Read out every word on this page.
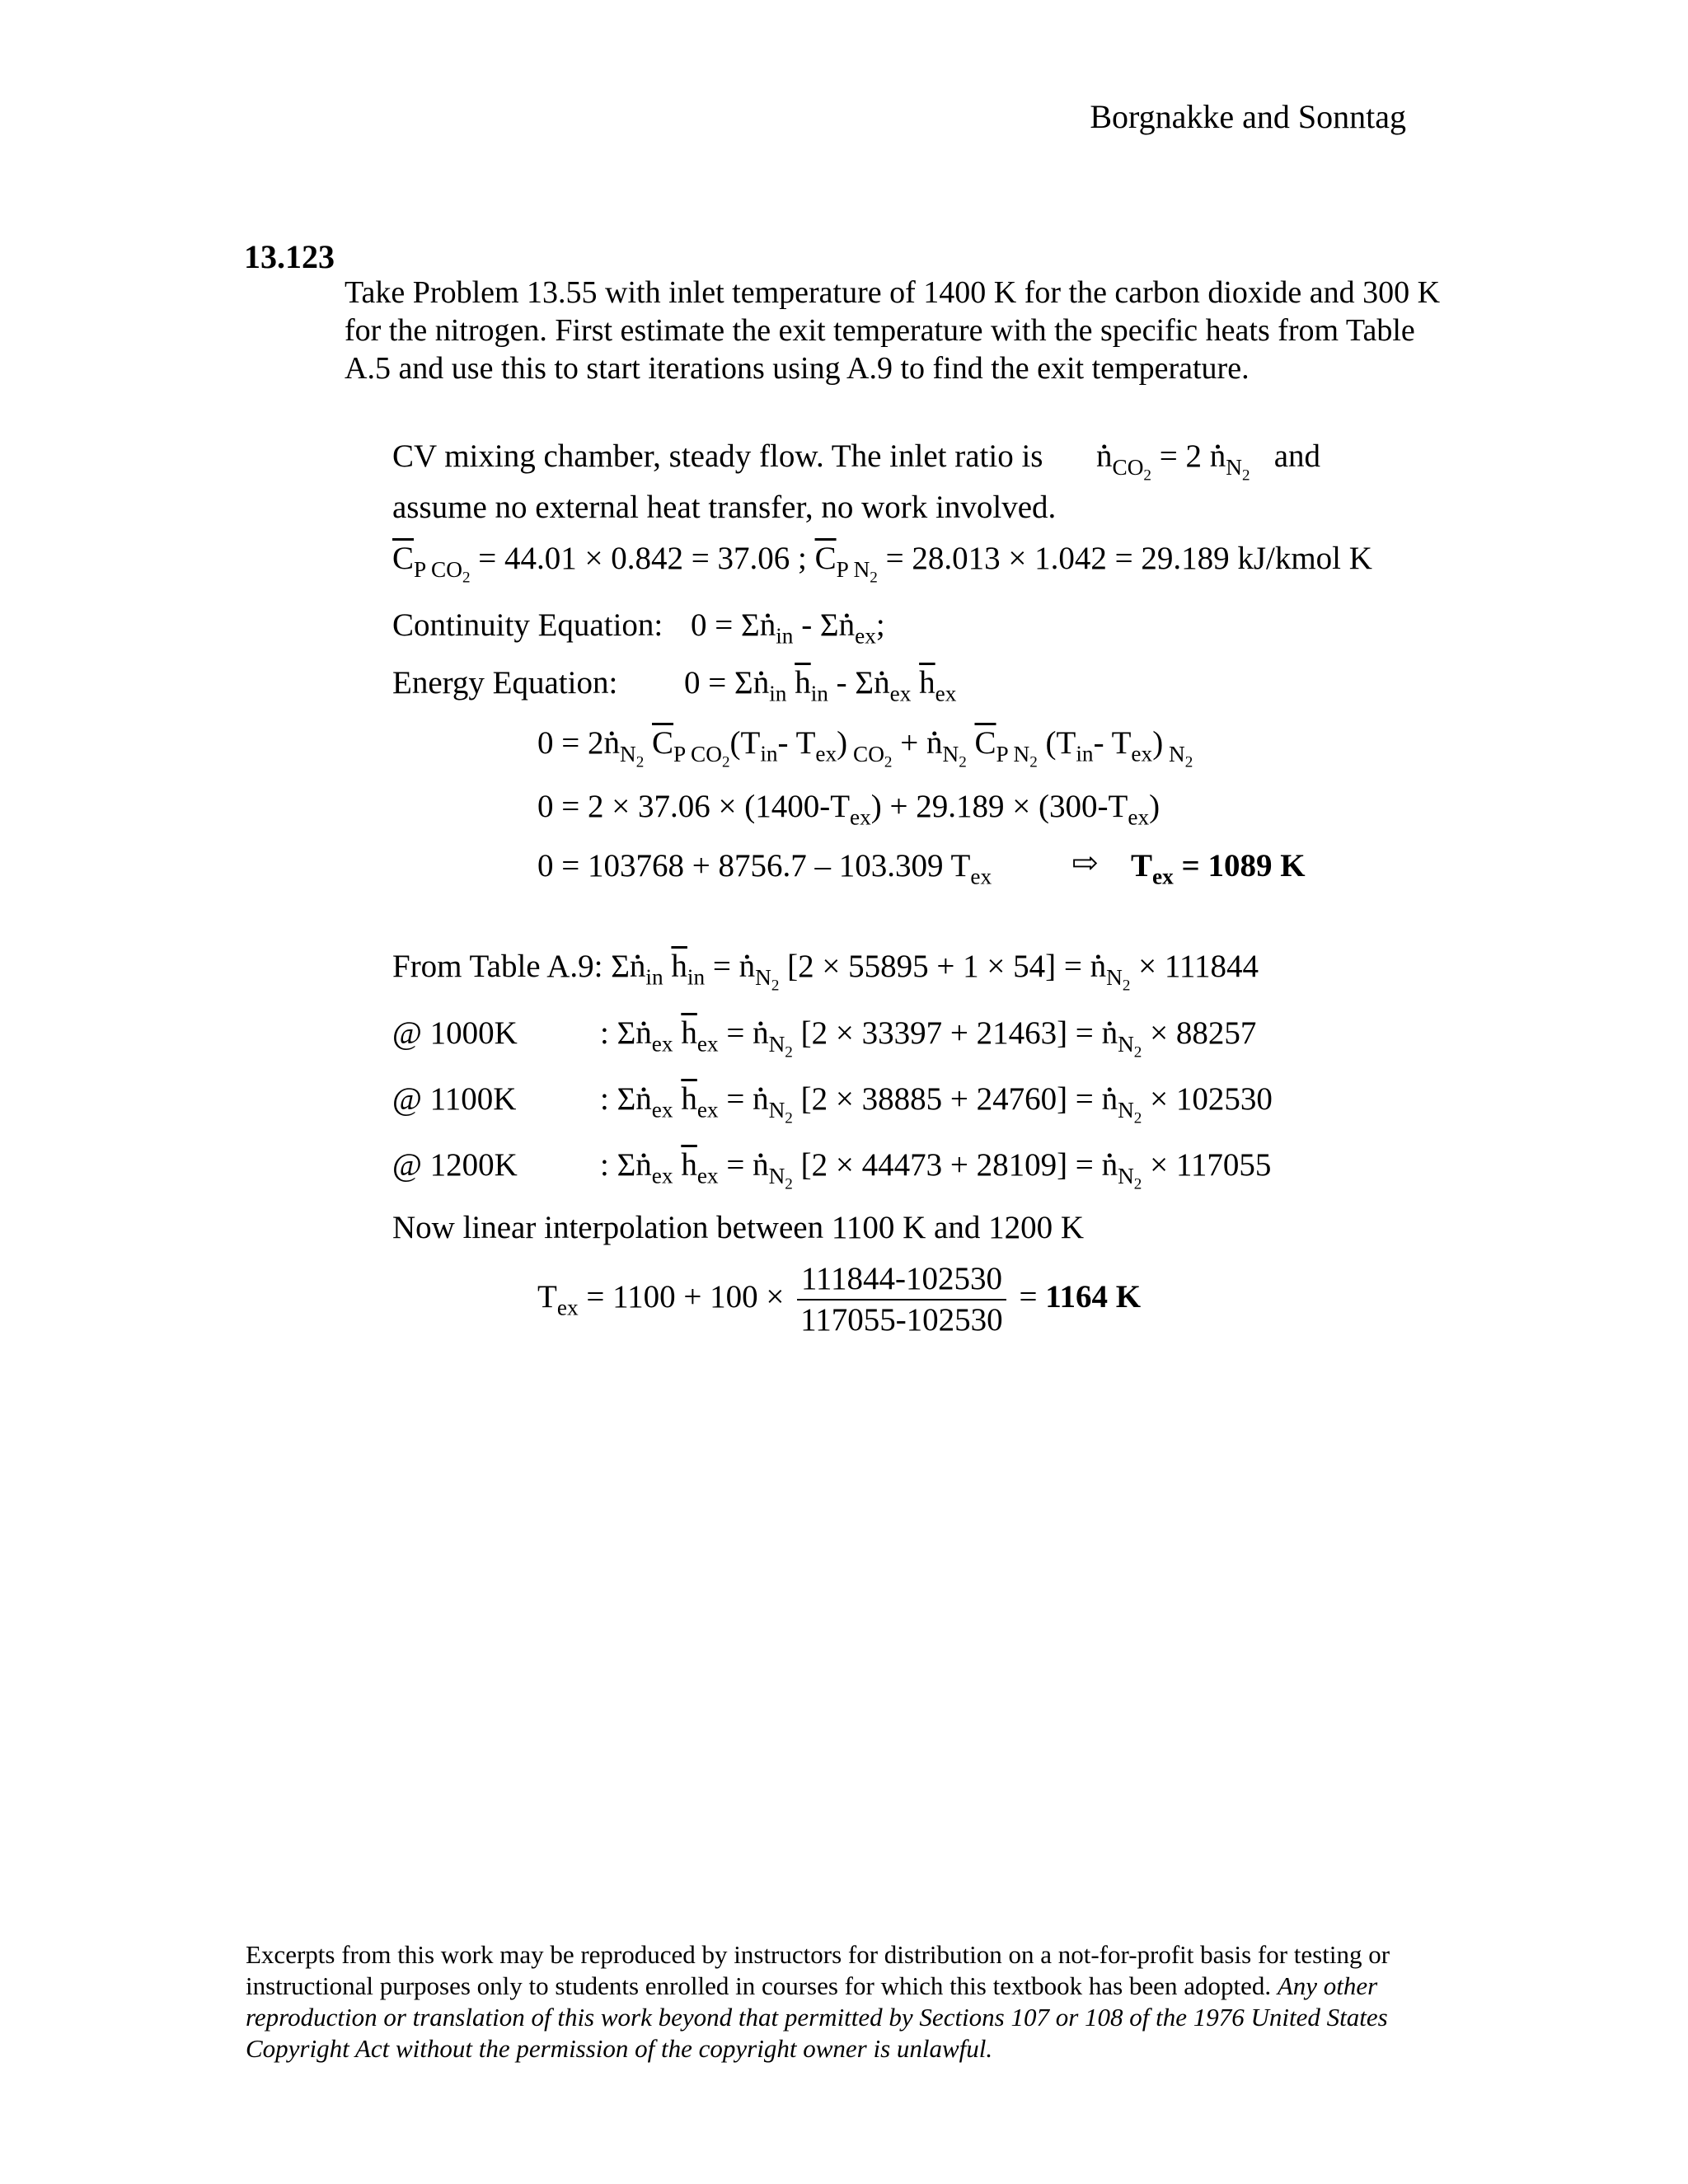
Borgnakke and Sonntag
13.123
Take Problem 13.55 with inlet temperature of 1400 K for the carbon dioxide and 300 K for the nitrogen. First estimate the exit temperature with the specific heats from Table A.5 and use this to start iterations using A.9 to find the exit temperature.
CV mixing chamber, steady flow. The inlet ratio is • $n_{CO_2} = 2$ • $n_{N_2}$   and
assume no external heat transfer, no work involved.
$\overline{C}_{P CO_2} = 44.01 \times 0.842 = 37.06$ ; $\overline{C}_{P N_2} = 28.013 \times 1.042 = 29.189$ kJ/kmol K
Continuity Equation: 0 = Σ• $n_{in}$ - Σ• $n_{ex}$;
Energy Equation: 0 = Σ• $n_{in}$ $\overline{h}_{in}$ - Σ• $n_{ex}$ $\overline{h}_{ex}$
0 = 2• $n_{N_2}$ $\overline{C}_{P CO_2}(T_{in}-$ $T_{ex}$) $_{CO_2}$ + • $n_{N_2}$ $\overline{C}_{P N_2}$ ($T_{in}-$ $T_{ex}$) $_{N_2}$
$0 = 2 \times 37.06 \times (1400-T_{ex}) + 29.189 \times (300-T_{ex})$
0 = 103768 + 8756.7 – 103.309 $T_{ex}$ ⇨ $T_{ex} = 1089$ K
From Table A.9: Σ• $n_{in}$ $\overline{h}_{in}$ = • $n_{N_2}$ [2 × 55895 + 1 × 54] = • $n_{N_2} \times 111844$
@ 1000K	: Σ• $n_{ex}$ $\overline{h}_{ex}$ = • $n_{N_2}$ [2 × 33397 + 21463] = • $n_{N_2} \times 88257$
@ 1100K	: Σ• $n_{ex}$ $\overline{h}_{ex}$ = • $n_{N_2}$ [2 × 38885 + 24760] = • $n_{N_2} \times 102530$
@ 1200K	: Σ• $n_{ex}$ $\overline{h}_{ex}$ = • $n_{N_2}$ [2 × 44473 + 28109] = • $n_{N_2} \times 117055$
Now linear interpolation between 1100 K and 1200 K
$T_{ex} = 1100 + 100 \times \frac{111844-102530}{117055-102530} = 1164$ K
Excerpts from this work may be reproduced by instructors for distribution on a not-for-profit basis for testing or instructional purposes only to students enrolled in courses for which this textbook has been adopted. Any other reproduction or translation of this work beyond that permitted by Sections 107 or 108 of the 1976 United States Copyright Act without the permission of the copyright owner is unlawful.
